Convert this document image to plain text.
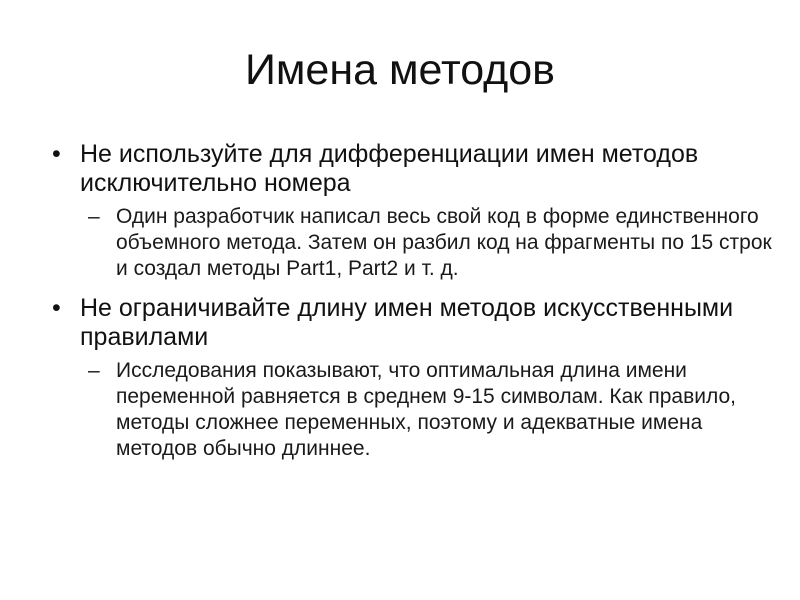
Имена методов
• Не используйте для дифференциации имен методов исключительно номера
– Один разработчик написал весь свой код в форме единственного объемного метода. Затем он разбил код на фрагменты по 15 строк и создал методы Part1, Part2 и т. д.
• Не ограничивайте длину имен методов искусственными правилами
– Исследования показывают, что оптимальная длина имени переменной равняется в среднем 9-15 символам. Как правило, методы сложнее переменных, поэтому и адекватные имена методов обычно длиннее.
